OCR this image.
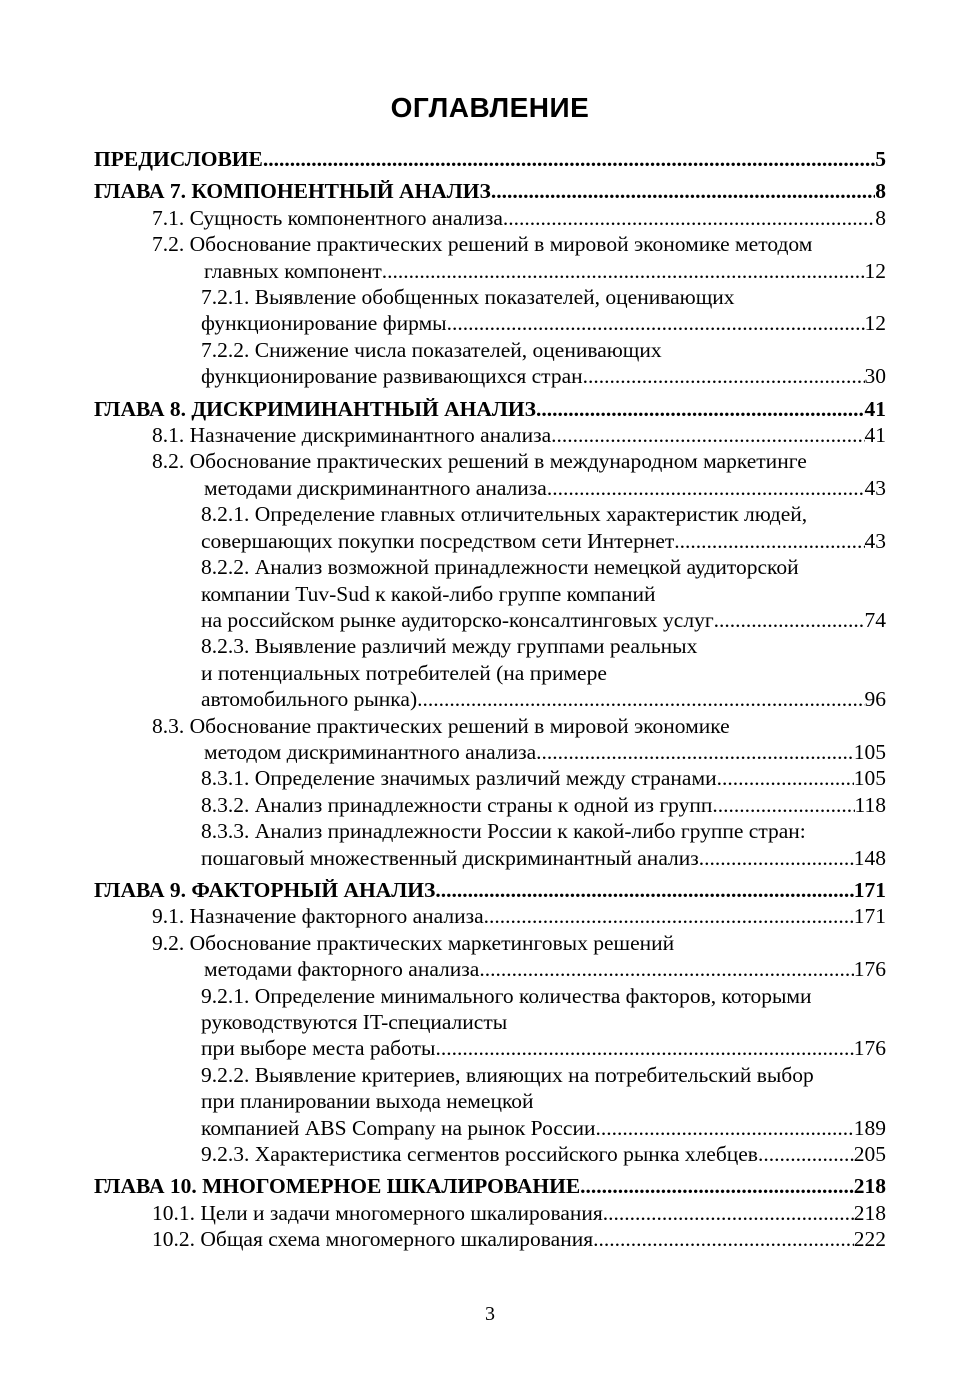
ОГЛАВЛЕНИЕ
ПРЕДИСЛОВИЕ .....	5
ГЛАВА 7. КОМПОНЕНТНЫЙ АНАЛИЗ .....	8
7.1. Сущность компонентного анализа .....	8
7.2. Обоснование практических решений в мировой экономике методом
главных компонент .....	12
7.2.1. Выявление обобщенных показателей, оценивающих
функционирование фирмы .....	12
7.2.2. Снижение числа показателей, оценивающих
функционирование развивающихся стран .....	30
ГЛАВА 8. ДИСКРИМИНАНТНЫЙ АНАЛИЗ .....	41
8.1. Назначение дискриминантного анализа .....	41
8.2. Обоснование практических решений в международном маркетинге
методами дискриминантного анализа .....	43
8.2.1. Определение главных отличительных характеристик людей,
совершающих покупки посредством сети Интернет .....	43
8.2.2. Анализ возможной принадлежности немецкой аудиторской
компании Tuv-Sud к какой-либо группе компаний
на российском рынке аудиторско-консалтинговых услуг .....	74
8.2.3. Выявление различий между группами реальных
и потенциальных потребителей (на примере
автомобильного рынка) .....	96
8.3. Обоснование практических решений в мировой экономике
методом дискриминантного анализа .....	105
8.3.1. Определение значимых различий между странами .....	105
8.3.2. Анализ принадлежности страны к одной из групп .....	118
8.3.3. Анализ принадлежности России к какой-либо группе стран:
пошаговый множественный дискриминантный анализ .....	148
ГЛАВА 9. ФАКТОРНЫЙ АНАЛИЗ .....	171
9.1. Назначение факторного анализа .....	171
9.2. Обоснование практических маркетинговых решений
методами факторного анализа .....	176
9.2.1. Определение минимального количества факторов, которыми
руководствуются IT-специалисты
при выборе места работы .....	176
9.2.2. Выявление критериев, влияющих на потребительский выбор
при планировании выхода немецкой
компанией ABS Company на рынок России .....	189
9.2.3. Характеристика сегментов российского рынка хлебцев .....	205
ГЛАВА 10. МНОГОМЕРНОЕ ШКАЛИРОВАНИЕ .....	218
10.1. Цели и задачи многомерного шкалирования .....	218
10.2. Общая схема многомерного шкалирования .....	222
3
